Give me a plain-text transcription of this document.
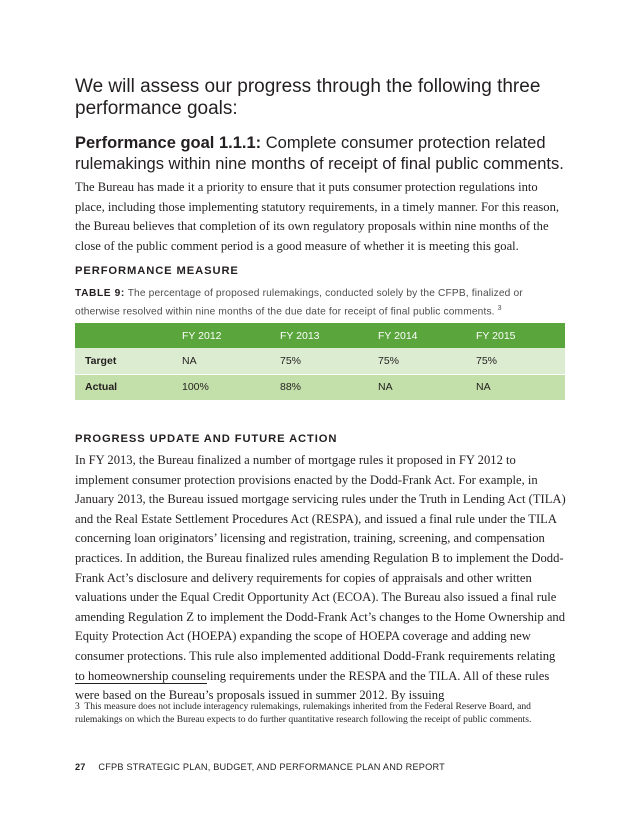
We will assess our progress through the following three performance goals:

Performance goal 1.1.1: Complete consumer protection related rulemakings within nine months of receipt of final public comments.

The Bureau has made it a priority to ensure that it puts consumer protection regulations into place, including those implementing statutory requirements, in a timely manner. For this reason, the Bureau believes that completion of its own regulatory proposals within nine months of the close of the public comment period is a good measure of whether it is meeting this goal.

PERFORMANCE MEASURE

TABLE 9: The percentage of proposed rulemakings, conducted solely by the CFPB, finalized or otherwise resolved within nine months of the due date for receipt of final public comments. $^3$

	FY 2012	FY 2013	FY 2014	FY 2015
Target	NA	75%	75%	75%
Actual	100%	88%	NA	NA
PROGRESS UPDATE AND FUTURE ACTION

In FY 2013, the Bureau finalized a number of mortgage rules it proposed in FY 2012 to implement consumer protection provisions enacted by the Dodd-Frank Act. For example, in January 2013, the Bureau issued mortgage servicing rules under the Truth in Lending Act (TILA) and the Real Estate Settlement Procedures Act (RESPA), and issued a final rule under the TILA concerning loan originators’ licensing and registration, training, screening, and compensation practices. In addition, the Bureau finalized rules amending Regulation B to implement the Dodd-Frank Act’s disclosure and delivery requirements for copies of appraisals and other written valuations under the Equal Credit Opportunity Act (ECOA). The Bureau also issued a final rule amending Regulation Z to implement the Dodd-Frank Act’s changes to the Home Ownership and Equity Protection Act (HOEPA) expanding the scope of HOEPA coverage and adding new consumer protections. This rule also implemented additional Dodd-Frank requirements relating to homeownership counseling requirements under the RESPA and the TILA. All of these rules were based on the Bureau’s proposals issued in summer 2012. By issuing

3 This measure does not include interagency rulemakings, rulemakings inherited from the Federal Reserve Board, and rulemakings on which the Bureau expects to do further quantitative research following the receipt of public comments.

27 CFPB STRATEGIC PLAN, BUDGET, AND PERFORMANCE PLAN AND REPORT
